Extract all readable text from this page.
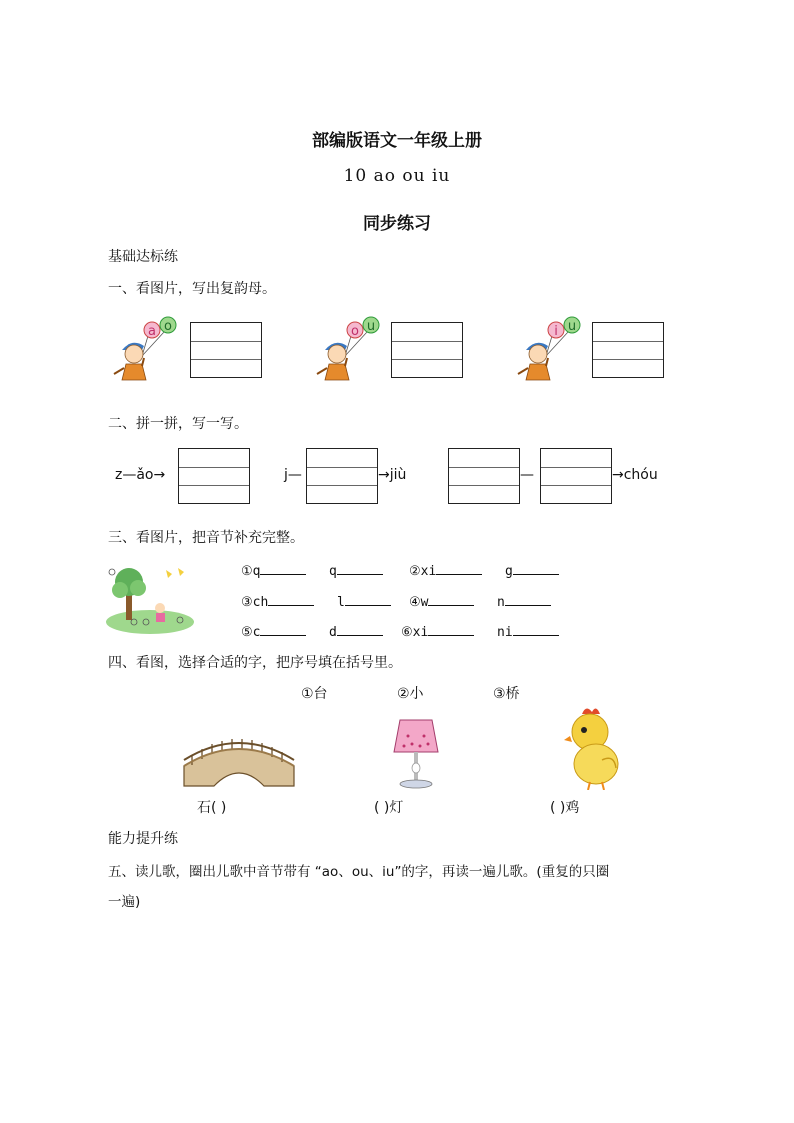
部编版语文一年级上册
10 ao ou iu
同步练习
基础达标练
一、看图片，写出复韵母。
a o	o u	i u
二、拼一拼，写一写。
z—ǎo→	j—	→jiù	—	→chóu
三、看图片，把音节补充完整。
①q	q	②xi	g
③ch	l	④w	n
⑤c	d	⑥xi	ni
四、看图，选择合适的字，把序号填在括号里。
①台	②小	③桥
石( )	( )灯	( )鸡
能力提升练
五、读儿歌，圈出儿歌中音节带有 “ao、ou、iu”的字，再读一遍儿歌。(重复的只圈
一遍)
